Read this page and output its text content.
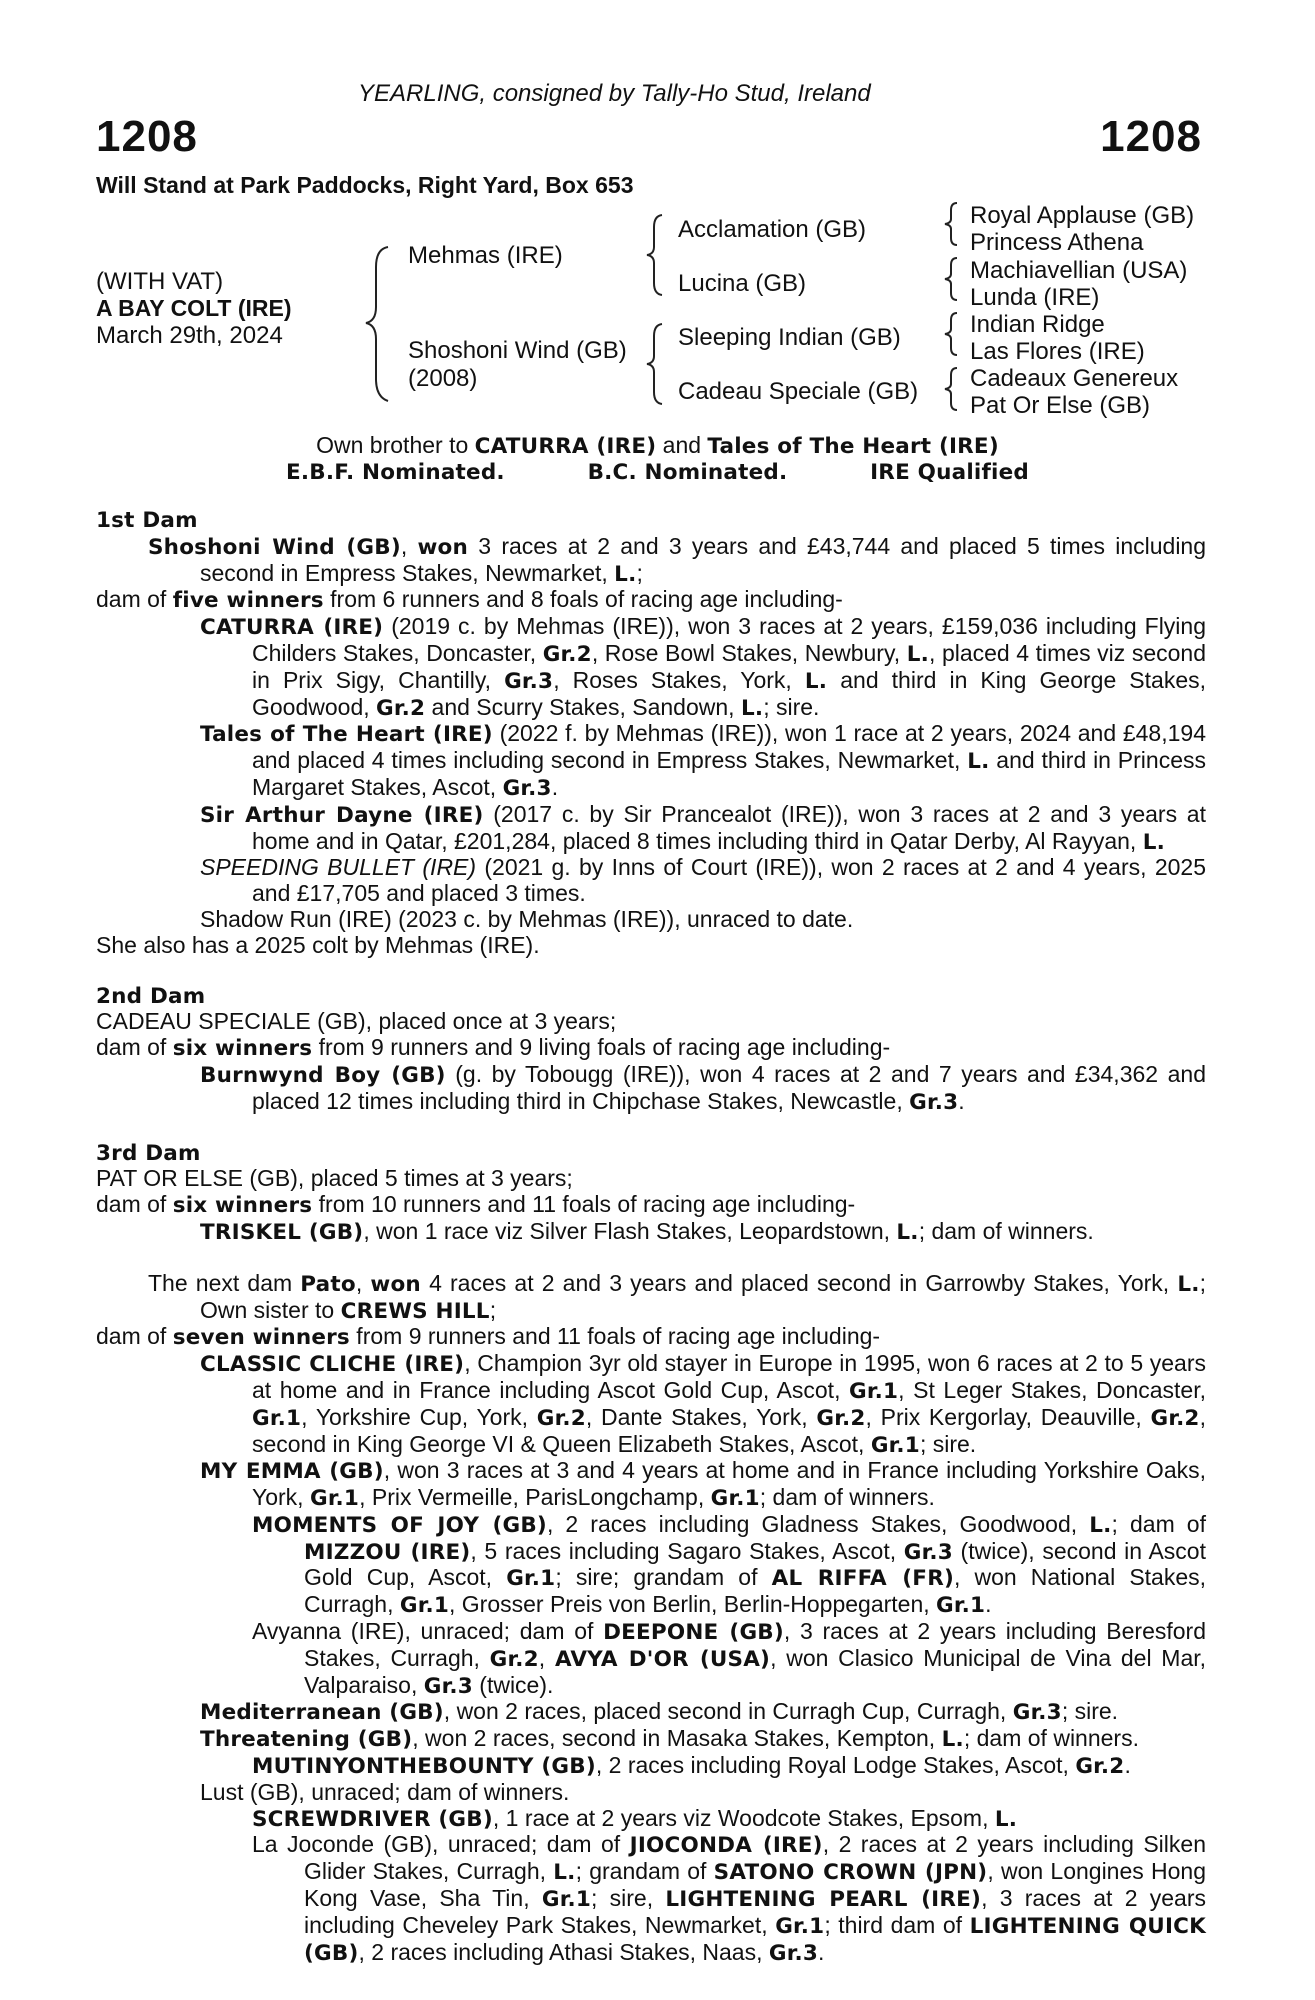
YEARLING, consigned by Tally-Ho Stud, Ireland
1208	1208
Will Stand at Park Paddocks, Right Yard, Box 653
(WITH VAT)
A BAY COLT (IRE)
March 29th, 2024
Mehmas (IRE)
Shoshoni Wind (GB)
(2008)
Acclamation (GB)
Lucina (GB)
Sleeping Indian (GB)
Cadeau Speciale (GB)
Royal Applause (GB)
Princess Athena
Machiavellian (USA)
Lunda (IRE)
Indian Ridge
Las Flores (IRE)
Cadeaux Genereux
Pat Or Else (GB)
Own brother to CATURRA (IRE) and Tales of The Heart (IRE)
E.B.F. Nominated.	B.C. Nominated.	IRE Qualified

1st Dam

Shoshoni Wind (GB), won 3 races at 2 and 3 years and £43,744 and placed 5 times including second in Empress Stakes, Newmarket, L.;

dam of five winners from 6 runners and 8 foals of racing age including-

CATURRA (IRE) (2019 c. by Mehmas (IRE)), won 3 races at 2 years, £159,036 including Flying Childers Stakes, Doncaster, Gr.2, Rose Bowl Stakes, Newbury, L., placed 4 times viz second in Prix Sigy, Chantilly, Gr.3, Roses Stakes, York, L. and third in King George Stakes, Goodwood, Gr.2 and Scurry Stakes, Sandown, L.; sire.

Tales of The Heart (IRE) (2022 f. by Mehmas (IRE)), won 1 race at 2 years, 2024 and £48,194 and placed 4 times including second in Empress Stakes, Newmarket, L. and third in Princess Margaret Stakes, Ascot, Gr.3.

Sir Arthur Dayne (IRE) (2017 c. by Sir Prancealot (IRE)), won 3 races at 2 and 3 years at home and in Qatar, £201,284, placed 8 times including third in Qatar Derby, Al Rayyan, L.

SPEEDING BULLET (IRE) (2021 g. by Inns of Court (IRE)), won 2 races at 2 and 4 years, 2025 and £17,705 and placed 3 times.

Shadow Run (IRE) (2023 c. by Mehmas (IRE)), unraced to date.

She also has a 2025 colt by Mehmas (IRE).

2nd Dam

CADEAU SPECIALE (GB), placed once at 3 years;

dam of six winners from 9 runners and 9 living foals of racing age including-

Burnwynd Boy (GB) (g. by Tobougg (IRE)), won 4 races at 2 and 7 years and £34,362 and placed 12 times including third in Chipchase Stakes, Newcastle, Gr.3.

3rd Dam

PAT OR ELSE (GB), placed 5 times at 3 years;

dam of six winners from 10 runners and 11 foals of racing age including-

TRISKEL (GB), won 1 race viz Silver Flash Stakes, Leopardstown, L.; dam of winners.

The next dam Pato, won 4 races at 2 and 3 years and placed second in Garrowby Stakes, York, L.; Own sister to CREWS HILL;

dam of seven winners from 9 runners and 11 foals of racing age including-

CLASSIC CLICHE (IRE), Champion 3yr old stayer in Europe in 1995, won 6 races at 2 to 5 years at home and in France including Ascot Gold Cup, Ascot, Gr.1, St Leger Stakes, Doncaster, Gr.1, Yorkshire Cup, York, Gr.2, Dante Stakes, York, Gr.2, Prix Kergorlay, Deauville, Gr.2, second in King George VI & Queen Elizabeth Stakes, Ascot, Gr.1; sire.

MY EMMA (GB), won 3 races at 3 and 4 years at home and in France including Yorkshire Oaks, York, Gr.1, Prix Vermeille, ParisLongchamp, Gr.1; dam of winners.

MOMENTS OF JOY (GB), 2 races including Gladness Stakes, Goodwood, L.; dam of MIZZOU (IRE), 5 races including Sagaro Stakes, Ascot, Gr.3 (twice), second in Ascot Gold Cup, Ascot, Gr.1; sire; grandam of AL RIFFA (FR), won National Stakes, Curragh, Gr.1, Grosser Preis von Berlin, Berlin-Hoppegarten, Gr.1.

Avyanna (IRE), unraced; dam of DEEPONE (GB), 3 races at 2 years including Beresford Stakes, Curragh, Gr.2, AVYA D'OR (USA), won Clasico Municipal de Vina del Mar, Valparaiso, Gr.3 (twice).

Mediterranean (GB), won 2 races, placed second in Curragh Cup, Curragh, Gr.3; sire.

Threatening (GB), won 2 races, second in Masaka Stakes, Kempton, L.; dam of winners.

MUTINYONTHEBOUNTY (GB), 2 races including Royal Lodge Stakes, Ascot, Gr.2.

Lust (GB), unraced; dam of winners.

SCREWDRIVER (GB), 1 race at 2 years viz Woodcote Stakes, Epsom, L.

La Joconde (GB), unraced; dam of JIOCONDA (IRE), 2 races at 2 years including Silken Glider Stakes, Curragh, L.; grandam of SATONO CROWN (JPN), won Longines Hong Kong Vase, Sha Tin, Gr.1; sire, LIGHTENING PEARL (IRE), 3 races at 2 years including Cheveley Park Stakes, Newmarket, Gr.1; third dam of LIGHTENING QUICK (GB), 2 races including Athasi Stakes, Naas, Gr.3.
